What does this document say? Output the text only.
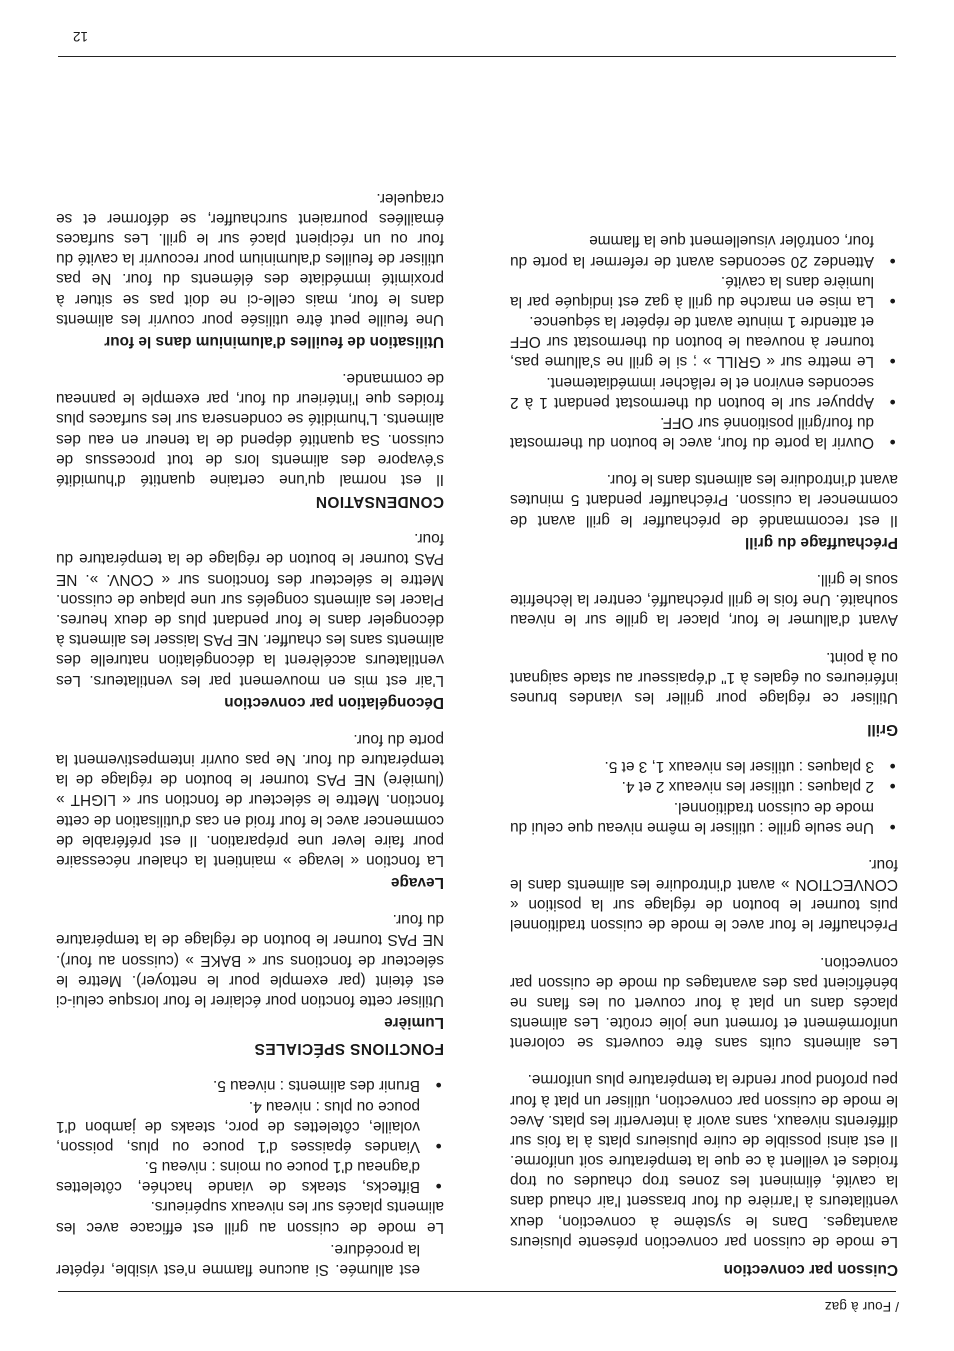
/ Four à gaz
Cuisson par convection

Le mode de cuisson par convection présente plusieurs avantages. Dans le système à convection, deux ventilateurs à l'arrière du four brassent l'air chaud dans la cavité, éliminent les zones trop chaudes ou trop froides et veillent à ce que la température soit uniforme. Il est ainsi possible de cuire plusieurs plats à la fois sur différents niveaux, sans avoir à intervertir les plats. Avec le mode de cuisson par convection, utiliser un plat à four peu profond pour rendre la température plus uniforme.

Les aliments cuits sans être couverts se colorent uniformément et forment une jolie croûte. Les aliments placés dans un plat à four couvert ou les flans ne bénéficient pas des avantages du mode de cuisson par convection.

Préchauffer le four avec le mode de cuisson traditionnel puis tourner le bouton de réglage sur la position « CONVECTION » avant d'introduire les aliments dans le four.

● Une seule grille : utiliser le même niveau que celui du mode de cuisson traditionnel.
● 2 plaques : utiliser les niveaux 2 et 4.
● 3 plaques : utiliser les niveaux 1, 3 et 5.
Grill

Utiliser ce réglage pour griller les viandes brunes inférieures ou égales à 1" d'épaisseur au stade saignant ou à point.

Avant d'allumer le four, placer la grille sur le niveau souhaité. Une fois le grill préchauffé, centrer la lèchefrite sous le grill.

Préchauffage du grill

Il est recommandé de préchauffer le grill avant de commencer la cuisson. Préchauffer pendant 5 minutes avant d'introduire les aliments dans le four.

● Ouvrir la porte du four, avec le bouton du thermostat du four/grill positionné sur OFF.
● Appuyer sur le bouton du thermostat pendant 1 à 2 secondes environ et le relâcher immédiatement.
● Le mettre sur « GRILL » ; si le grill ne s'allume pas, tourner à nouveau le bouton du thermostat sur OFF et attendre 1 minute avant de répéter la séquence.
● La mise en marche du grill à gaz est indiquée par la lumière dans la cavité.
● Attendez 20 secondes avant de refermer la porte du four, contrôler visuellement que la flamme

est allumée. Si aucune flamme n'est visible, répéter la procédure.

Le mode de cuisson au grill est efficace avec les aliments placés sur les niveaux supérieurs.

● Biftecks, steaks de viande hachée, côtelettes d'agneau d'1 pouce ou moins : niveau 5.
● Viandes épaisses d'1 pouce ou plus, poisson, volaille, côtelettes de porc, steaks de jambon d'1 pouce ou plus : niveau 4.
● Brunir des aliments : niveau 5.
FONCTIONS SPÉCIALES
Lumière

Utiliser cette fonction pour éclairer le four lorsque celui-ci est éteint (par exemple pour le nettoyer). Mettre le sélecteur de fonctions sur « BAKE » (cuisson au four). NE PAS tourner le bouton de réglage de la température du four.

Levage

La fonction « levage » maintient la chaleur nécessaire pour faire lever une préparation. Il est préférable de commencer avec le four froid en cas d'utilisation de cette fonction. Mettre le sélecteur de fonction sur « LIGHT » (lumière) NE PAS tourner le bouton de réglage de la température du four. Ne pas ouvrir intempestivement la porte du four.

Décongélation par convection

L'air est mis en mouvement par les ventilateurs. Les ventilateurs accélèrent la décongélation naturelle des aliments sans les chauffer. NE PAS laisser les aliments à décongeler dans le four pendant plus de deux heures. Placer les aliments congelés sur une plaque de cuisson. Mettre le sélecteur des fonctions sur « CONV. ». NE PAS tourner le bouton de réglage de la température du four.

CONDENSATION

Il est normal qu'une certaine quantité d'humidité s'évapore des aliments lors de tout processus de cuisson. Sa quantité dépend de la teneur en eau des aliments. L'humidité se condensera sur les surfaces plus froides que l'intérieur du four, par exemple le panneau de commande.

Utilisation de feuilles d'aluminium dans le four

Une feuille peut être utilisée pour couvrir les aliments dans le four, mais celle-ci ne doit pas se situer à proximité immédiate des éléments du four. Ne pas utiliser de feuilles d'aluminium pour recouvrir la cavité du four ou un récipient placé sur le grill. Les surfaces émaillées pourraient surchauffer, se déformer et se craqueler.

12
